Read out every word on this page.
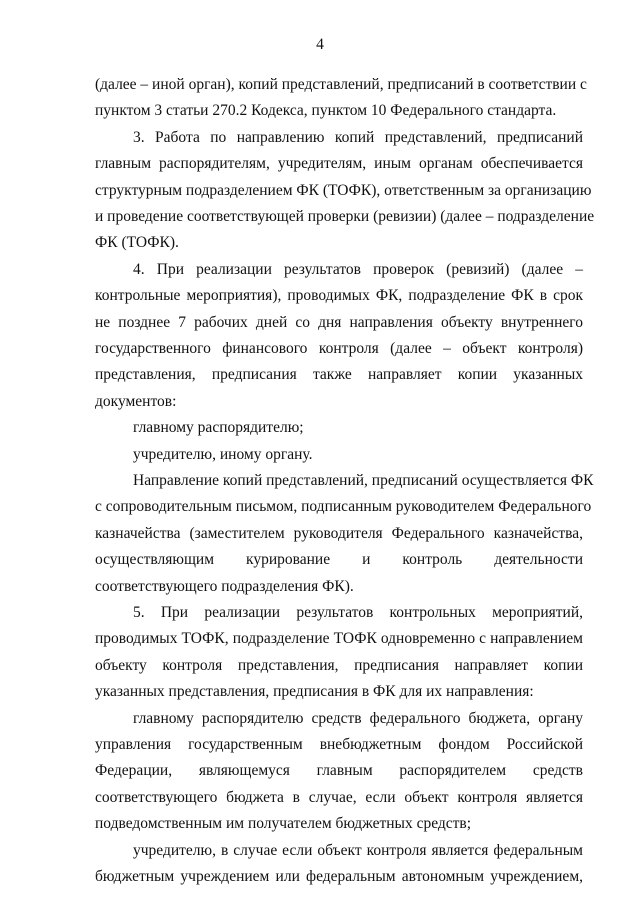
4
(далее – иной орган), копий представлений, предписаний в соответствии с
пунктом 3 статьи 270.2 Кодекса, пунктом 10 Федерального стандарта.
3. Работа по направлению копий представлений, предписаний
главным распорядителям, учредителям, иным органам обеспечивается
структурным подразделением ФК (ТОФК), ответственным за организацию
и проведение соответствующей проверки (ревизии) (далее – подразделение
ФК (ТОФК).
4. При реализации результатов проверок (ревизий) (далее –
контрольные мероприятия), проводимых ФК, подразделение ФК в срок
не позднее 7 рабочих дней со дня направления объекту внутреннего
государственного финансового контроля (далее – объект контроля)
представления, предписания также направляет копии указанных
документов:
главному распорядителю;
учредителю, иному органу.
Направление копий представлений, предписаний осуществляется ФК
с сопроводительным письмом, подписанным руководителем Федерального
казначейства (заместителем руководителя Федерального казначейства,
осуществляющим курирование и контроль деятельности
соответствующего подразделения ФК).
5. При реализации результатов контрольных мероприятий,
проводимых ТОФК, подразделение ТОФК одновременно с направлением
объекту контроля представления, предписания направляет копии
указанных представления, предписания в ФК для их направления:
главному распорядителю средств федерального бюджета, органу
управления государственным внебюджетным фондом Российской
Федерации, являющемуся главным распорядителем средств
соответствующего бюджета в случае, если объект контроля является
подведомственным им получателем бюджетных средств;
учредителю, в случае если объект контроля является федеральным
бюджетным учреждением или федеральным автономным учреждением,
